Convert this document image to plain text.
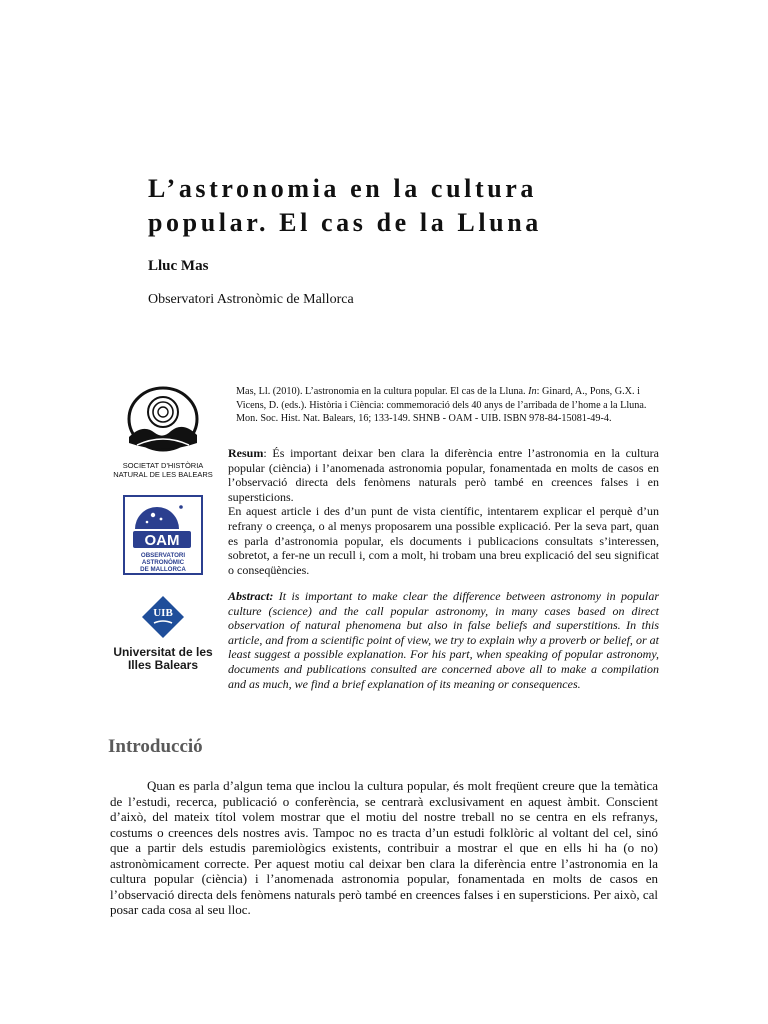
L’astronomia en la cultura popular. El cas de la Lluna
Lluc Mas
Observatori Astronòmic de Mallorca
SOCIETAT D'HISTÒRIA
NATURAL DE LES BALEARS
OAM
OBSERVATORI
ASTRONÒMIC
DE MALLORCA
UIB
Universitat de les
Illes Balears
Mas, Ll. (2010). L’astronomia en la cultura popular. El cas de la Lluna. In: Ginard, A., Pons, G.X. i Vicens, D. (eds.). Història i Ciència: commemoració dels 40 anys de l’arribada de l’home a la Lluna. Mon. Soc. Hist. Nat. Balears, 16; 133-149. SHNB - OAM - UIB. ISBN 978-84-15081-49-4.

Resum: És important deixar ben clara la diferència entre l’astronomia en la cultura popular (ciència) i l’anomenada astronomia popular, fonamentada en molts de casos en l’observació directa dels fenòmens naturals però també en creences falses i en supersticions.

En aquest article i des d’un punt de vista científic, intentarem explicar el perquè d’un refrany o creença, o al menys proposarem una possible explicació. Per la seva part, quan es parla d’astronomia popular, els documents i publicacions consultats s’interessen, sobretot, a fer-ne un recull i, com a molt, hi trobam una breu explicació del seu significat o conseqüències.

Abstract: It is important to make clear the difference between astronomy in popular culture (science) and the call popular astronomy, in many cases based on direct observation of natural phenomena but also in false beliefs and superstitions. In this article, and from a scientific point of view, we try to explain why a proverb or belief, or at least suggest a possible explanation. For his part, when speaking of popular astronomy, documents and publications consulted are concerned above all to make a compilation and as much, we find a brief explanation of its meaning or consequences.

Introducció

Quan es parla d’algun tema que inclou la cultura popular, és molt freqüent creure que la temàtica de l’estudi, recerca, publicació o conferència, se centrarà exclusivament en aquest àmbit. Conscient d’això, del mateix títol volem mostrar que el motiu del nostre treball no se centra en els refranys, costums o creences dels nostres avis. Tampoc no es tracta d’un estudi folklòric al voltant del cel, sinó que a partir dels estudis paremiològics existents, contribuir a mostrar el que en ells hi ha (o no) astronòmicament correcte. Per aquest motiu cal deixar ben clara la diferència entre l’astronomia en la cultura popular (ciència) i l’anomenada astronomia popular, fonamentada en molts de casos en l’observació directa dels fenòmens naturals però també en creences falses i en supersticions. Per això, cal posar cada cosa al seu lloc.
